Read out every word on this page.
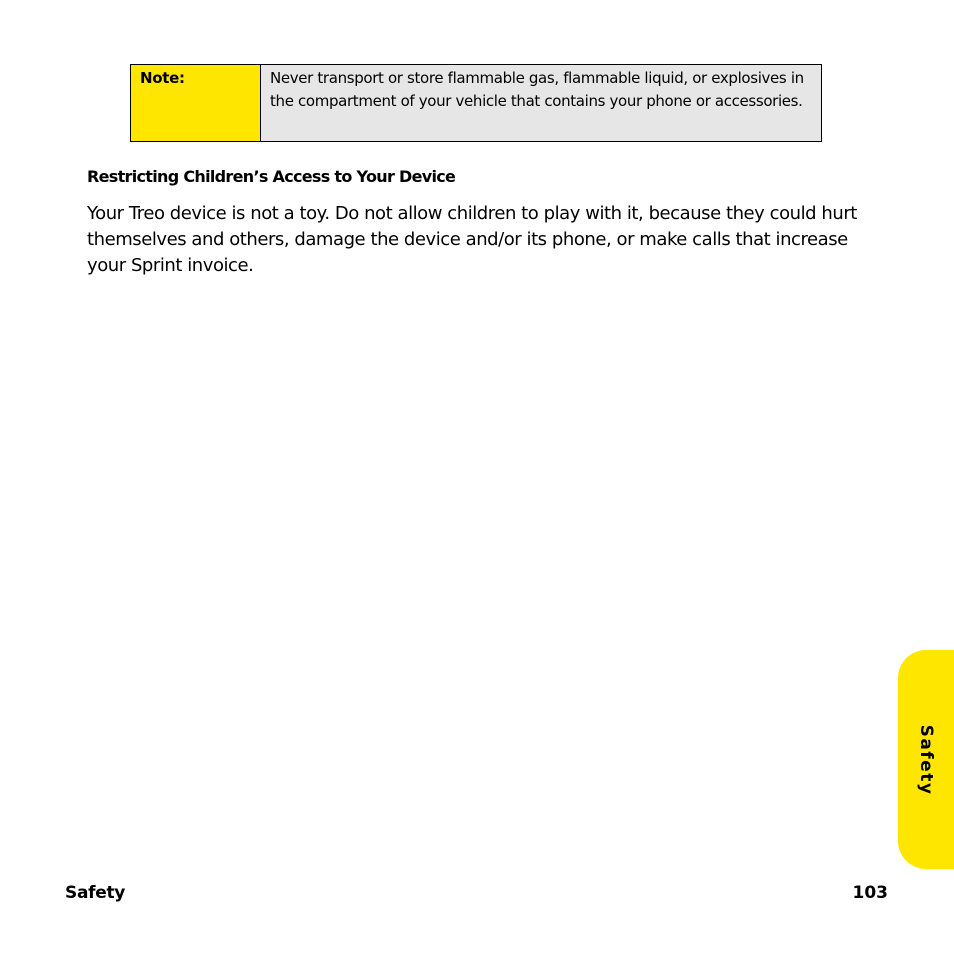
Note:	Never transport or store flammable gas, flammable liquid, or explosives in the compartment of your vehicle that contains your phone or accessories.
Restricting Children’s Access to Your Device

Your Treo device is not a toy. Do not allow children to play with it, because they could hurt themselves and others, damage the device and/or its phone, or make calls that increase your Sprint invoice.

Safety
Safety	103
